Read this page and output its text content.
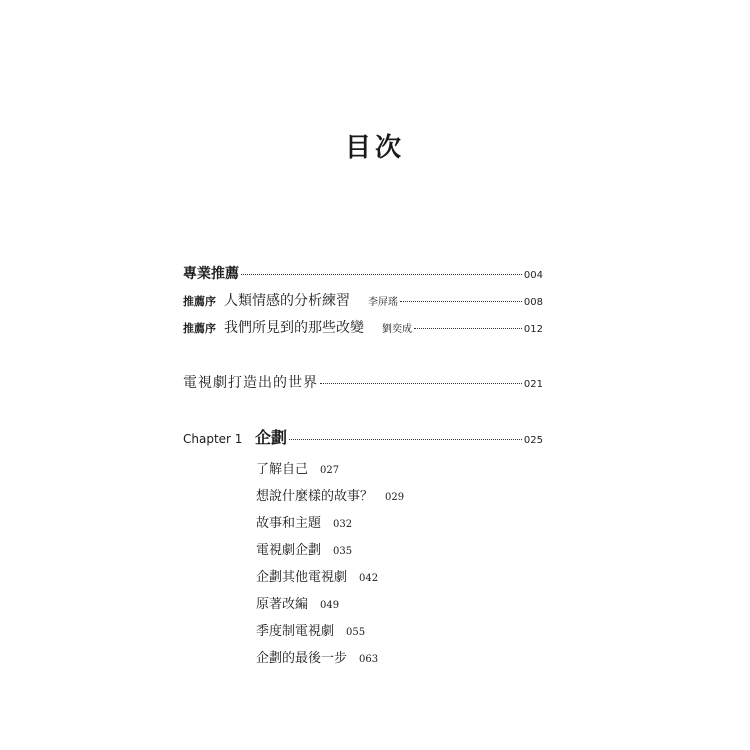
目次
專業推薦	004
推薦序 人類情感的分析練習 李屏瑤	008
推薦序 我們所見到的那些改變 劉奕成	012
電視劇打造出的世界	021
Chapter 1 企劃	025
了解自己 027
想說什麼樣的故事？ 029
故事和主題 032
電視劇企劃 035
企劃其他電視劇 042
原著改編 049
季度制電視劇 055
企劃的最後一步 063
